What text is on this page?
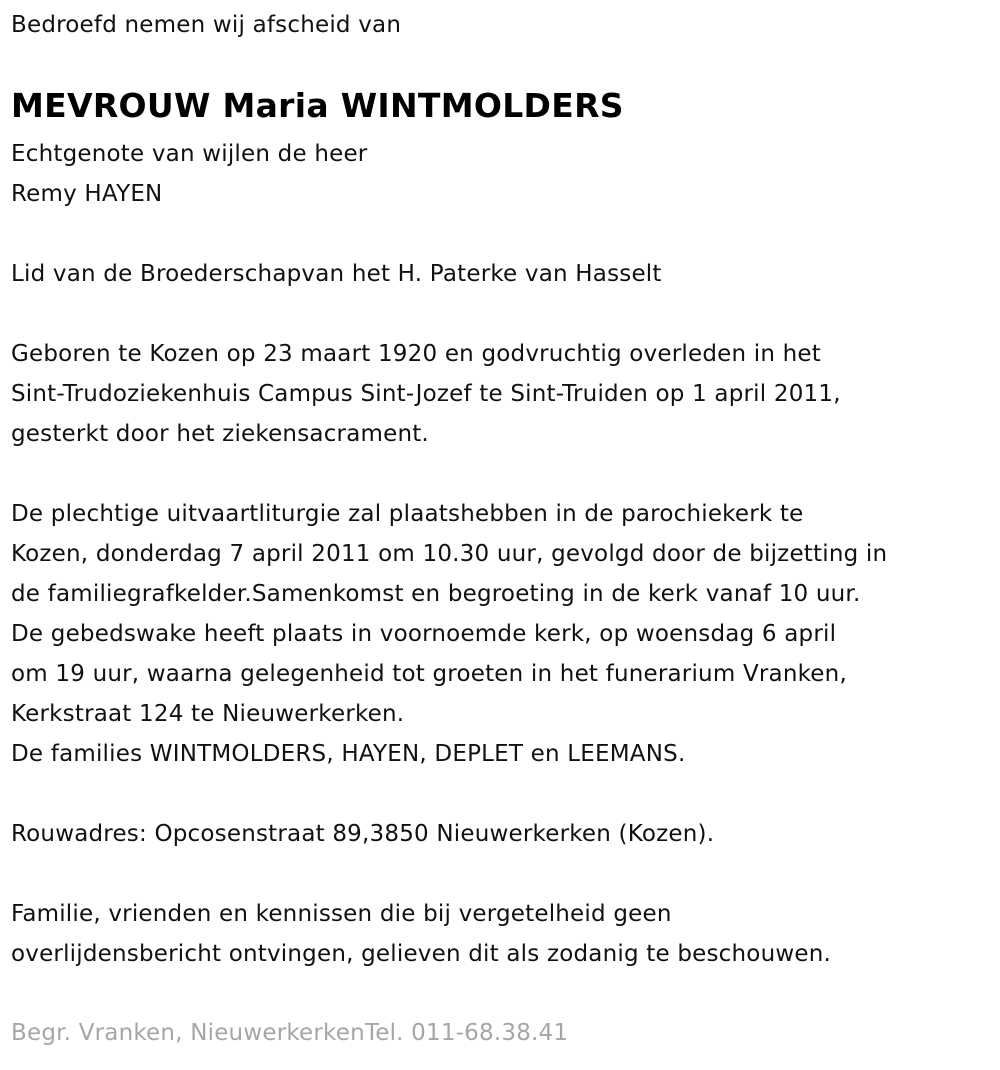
Bedroefd nemen wij afscheid van
MEVROUW Maria WINTMOLDERS
Echtgenote van wijlen de heer
Remy HAYEN
Lid van de Broederschapvan het H. Paterke van Hasselt
Geboren te Kozen op 23 maart 1920 en godvruchtig overleden in het
Sint-Trudoziekenhuis Campus Sint-Jozef te Sint-Truiden op 1 april 2011,
gesterkt door het ziekensacrament.
De plechtige uitvaartliturgie zal plaatshebben in de parochiekerk te
Kozen, donderdag 7 april 2011 om 10.30 uur, gevolgd door de bijzetting in
de familiegrafkelder.Samenkomst en begroeting in de kerk vanaf 10 uur.
De gebedswake heeft plaats in voornoemde kerk, op woensdag 6 april
om 19 uur, waarna gelegenheid tot groeten in het funerarium Vranken,
Kerkstraat 124 te Nieuwerkerken.
De families WINTMOLDERS, HAYEN, DEPLET en LEEMANS.
Rouwadres: Opcosenstraat 89,3850 Nieuwerkerken (Kozen).
Familie, vrienden en kennissen die bij vergetelheid geen
overlijdensbericht ontvingen, gelieven dit als zodanig te beschouwen.
Begr. Vranken, NieuwerkerkenTel. 011-68.38.41
